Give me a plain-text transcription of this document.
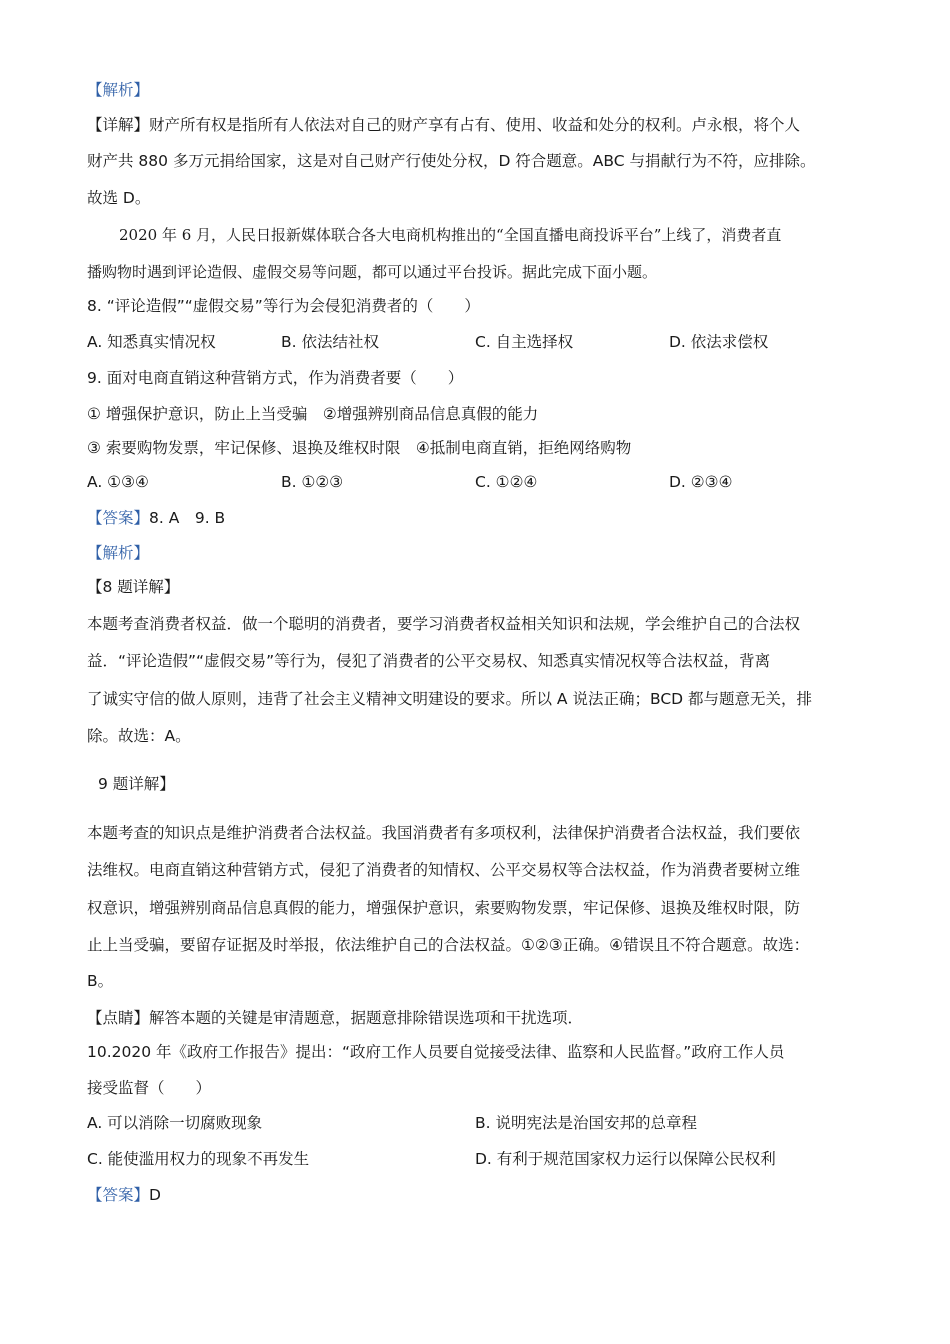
【解析】
【详解】财产所有权是指所有人依法对自己的财产享有占有、使用、收益和处分的权利。卢永根，将个人
财产共 880 多万元捐给国家，这是对自己财产行使处分权，D 符合题意。ABC 与捐献行为不符，应排除。
故选 D。
2020 年 6 月，人民日报新媒体联合各大电商机构推出的“全国直播电商投诉平台”上线了，消费者直
播购物时遇到评论造假、虚假交易等问题，都可以通过平台投诉。据此完成下面小题。
8. “评论造假”“虚假交易”等行为会侵犯消费者的（　　）
A. 知悉真实情况权	B. 依法结社权	C. 自主选择权	D. 依法求偿权
9. 面对电商直销这种营销方式，作为消费者要（　　）
① 增强保护意识，防止上当受骗　②增强辨别商品信息真假的能力
③ 索要购物发票，牢记保修、退换及维权时限　④抵制电商直销，拒绝网络购物
A. ①③④	B. ①②③	C. ①②④	D. ②③④
【答案】8. A　9. B
【解析】
【8 题详解】
本题考查消费者权益．做一个聪明的消费者，要学习消费者权益相关知识和法规，学会维护自己的合法权
益．“评论造假”“虚假交易”等行为，侵犯了消费者的公平交易权、知悉真实情况权等合法权益，背离
了诚实守信的做人原则，违背了社会主义精神文明建设的要求。所以 A 说法正确；BCD 都与题意无关，排
除。故选：A。
9 题详解】
本题考查的知识点是维护消费者合法权益。我国消费者有多项权利，法律保护消费者合法权益，我们要依
法维权。电商直销这种营销方式，侵犯了消费者的知情权、公平交易权等合法权益，作为消费者要树立维
权意识，增强辨别商品信息真假的能力，增强保护意识，索要购物发票，牢记保修、退换及维权时限，防
止上当受骗，要留存证据及时举报，依法维护自己的合法权益。①②③正确。④错误且不符合题意。故选：
B。
【点睛】解答本题的关键是审清题意，据题意排除错误选项和干扰选项．
10.2020 年《政府工作报告》提出：“政府工作人员要自觉接受法律、监察和人民监督。”政府工作人员
接受监督（　　）
A. 可以消除一切腐败现象	B. 说明宪法是治国安邦的总章程
C. 能使滥用权力的现象不再发生	D. 有利于规范国家权力运行以保障公民权利
【答案】D
